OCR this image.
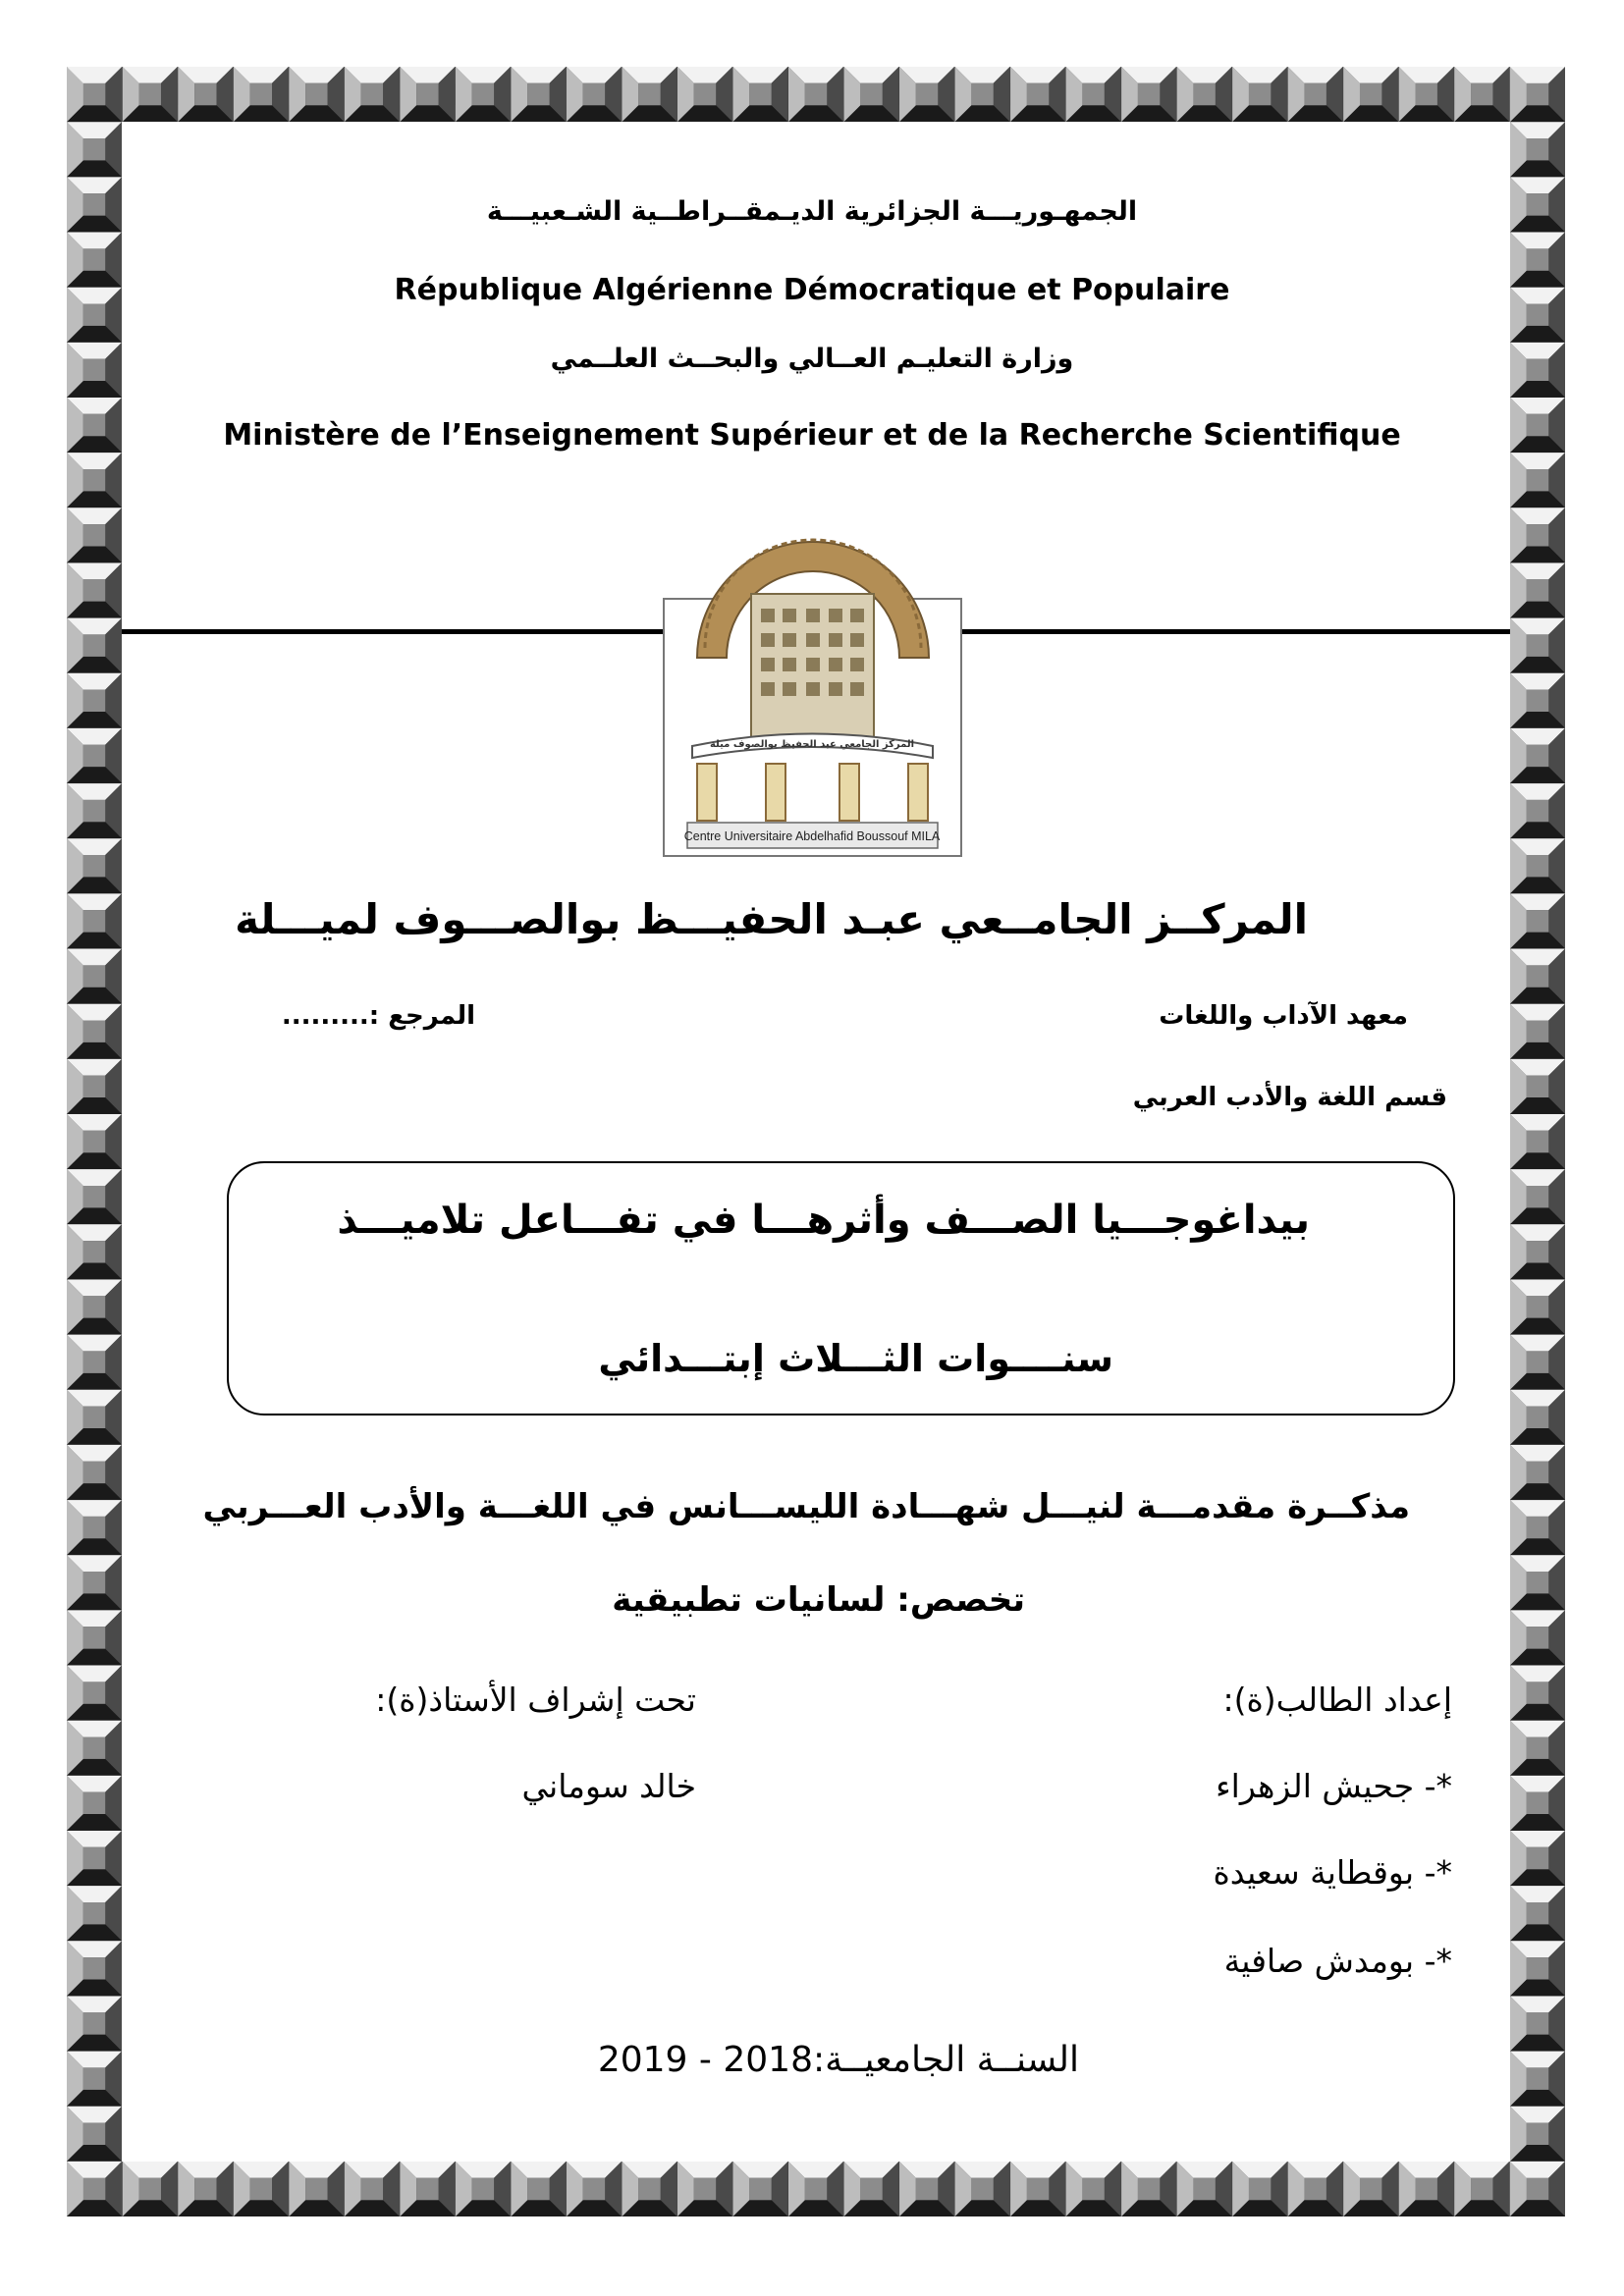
الجمهـوريـــة الجزائرية الديـمقــراطــية الشـعبيـــة
République Algérienne Démocratique et Populaire
وزارة التعليـم العــالي والبحــث العلــمي
Ministère de l’Enseignement Supérieur et de la Recherche Scientifique
المركز الجامعي عبد الحفيظ بوالصوف ميلة
Centre Universitaire Abdelhafid Boussouf MILA
المركــز الجامــعي عبـد الحفيـــظ بوالصـــوف لميـــلة
معهد الآداب واللغات
المرجع :.........
قسم اللغة والأدب العربي
بيداغوجـــيا الصـــف وأثرهـــا في تفـــاعل تلاميـــذ
سنــــوات الثـــلاث إبتـــدائي
مذكــرة مقدمـــة لنيـــل شهـــادة الليســـانس في اللغـــة والأدب العـــربي
تخصص: لسانيات تطبيقية
إعداد الطالب(ة):
تحت إشراف الأستاذ(ة):
*- جحيش الزهراء
خالد سوماني
*- بوقطاية سعيدة
*- بومدش صافية
السنــة الجامعيــة:2018 - 2019
